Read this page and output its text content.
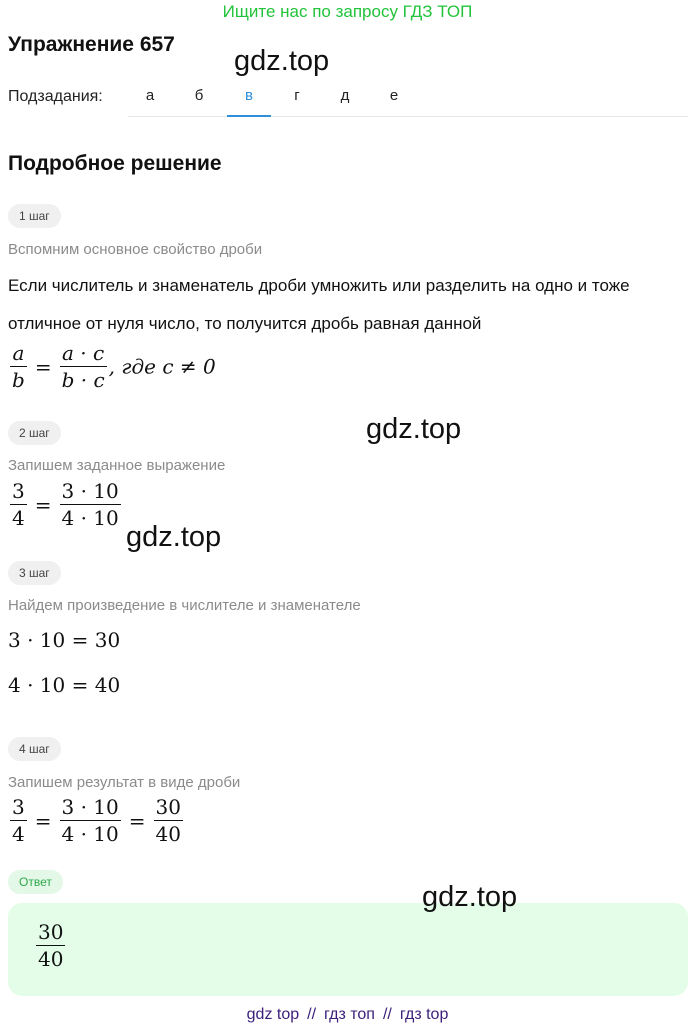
Ищите нас по запросу ГДЗ ТОП
Упражнение 657
gdz.top
Подзадания:	а	б	в	г	д	е
Подробное решение
1 шаг
Вспомним основное свойство дроби
Если числитель и знаменатель дроби умножить или разделить на одно и тоже
отличное от нуля число, то получится дробь равная данной
$\frac{a}{b} = \frac{a \cdot c}{b \cdot c}$ , где c ≠ 0
2 шаг	gdz.top
Запишем заданное выражение
$\frac{3}{4} = \frac{3 \cdot 10}{4 \cdot 10}$
gdz.top
3 шаг
Найдем произведение в числителе и знаменателе
3 · 10 = 30
4 · 10 = 40
4 шаг
Запишем результат в виде дроби
$\frac{3}{4} = \frac{3 \cdot 10}{4 \cdot 10} = \frac{30}{40}$
Ответ	gdz.top
$\frac{30}{40}$
gdz top // гдз топ // гдз top
